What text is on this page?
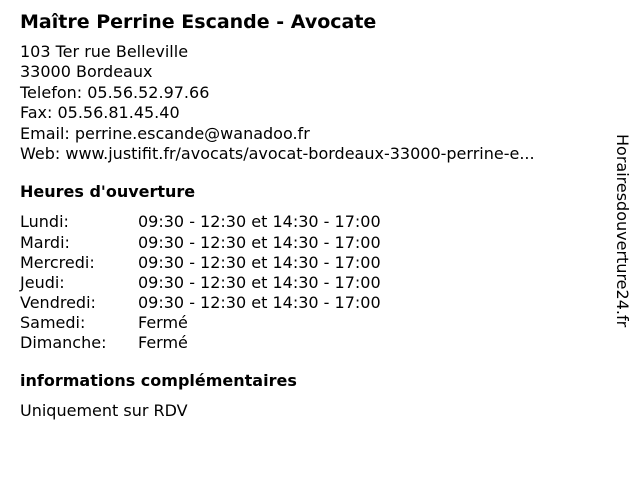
Maître Perrine Escande - Avocate
103 Ter rue Belleville
33000 Bordeaux
Telefon: 05.56.52.97.66
Fax: 05.56.81.45.40
Email: perrine.escande@wanadoo.fr
Web: www.justifit.fr/avocats/avocat-bordeaux-33000-perrine-e...
Heures d'ouverture
Lundi:	09:30 - 12:30 et 14:30 - 17:00
Mardi:	09:30 - 12:30 et 14:30 - 17:00
Mercredi:	09:30 - 12:30 et 14:30 - 17:00
Jeudi:	09:30 - 12:30 et 14:30 - 17:00
Vendredi:	09:30 - 12:30 et 14:30 - 17:00
Samedi:	Fermé
Dimanche:	Fermé
informations complémentaires
Uniquement sur RDV
Horairesdouverture24.fr
